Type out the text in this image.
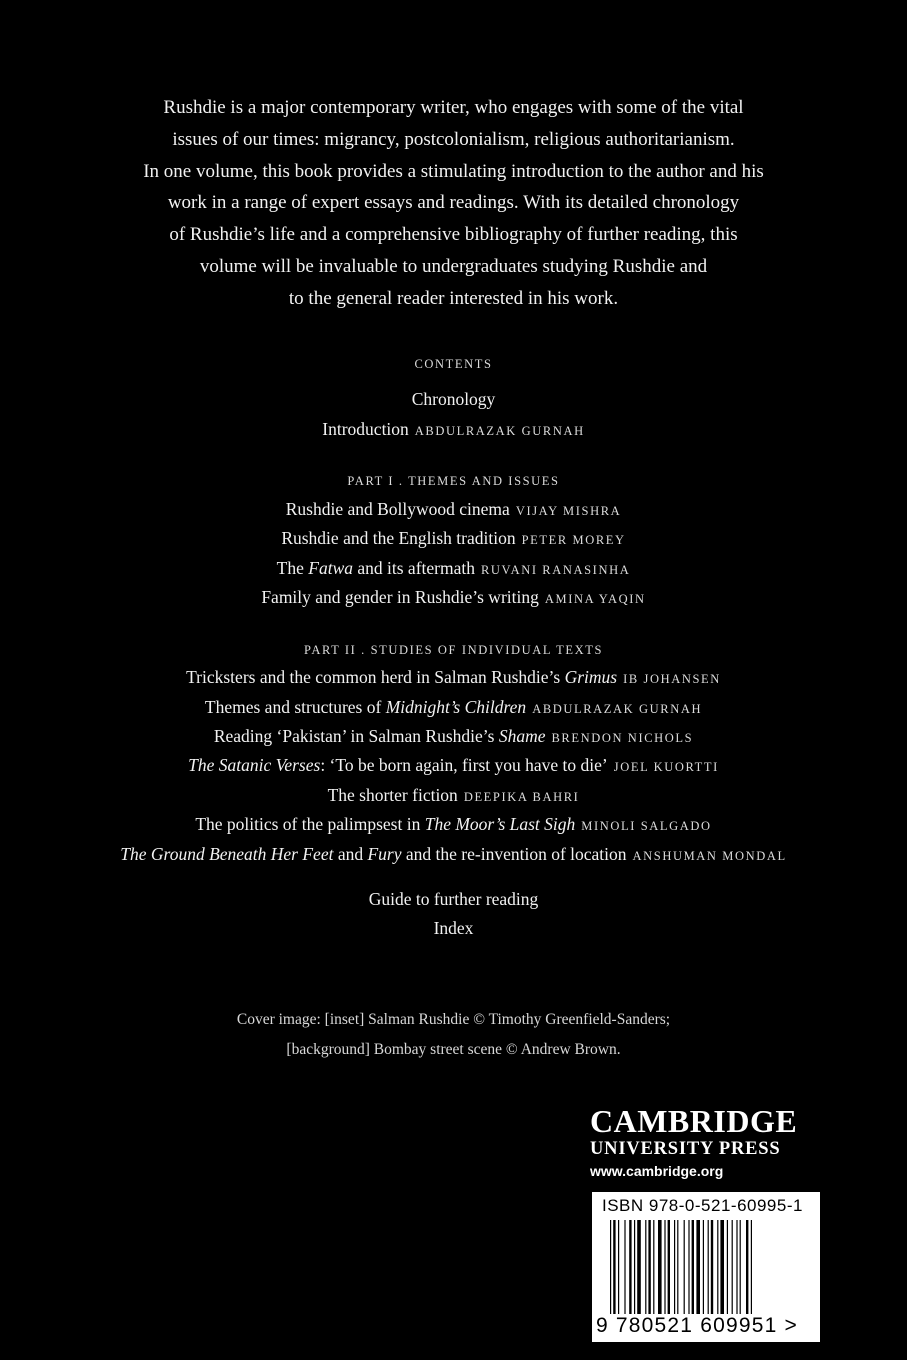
Rushdie is a major contemporary writer, who engages with some of the vital
issues of our times: migrancy, postcolonialism, religious authoritarianism.
In one volume, this book provides a stimulating introduction to the author and his
work in a range of expert essays and readings. With its detailed chronology
of Rushdie’s life and a comprehensive bibliography of further reading, this
volume will be invaluable to undergraduates studying Rushdie and
to the general reader interested in his work.
CONTENTS
Chronology
Introduction ABDULRAZAK GURNAH
PART I . THEMES AND ISSUES
Rushdie and Bollywood cinema VIJAY MISHRA
Rushdie and the English tradition PETER MOREY
The Fatwa and its aftermath RUVANI RANASINHA
Family and gender in Rushdie’s writing AMINA YAQIN
PART II . STUDIES OF INDIVIDUAL TEXTS
Tricksters and the common herd in Salman Rushdie’s Grimus IB JOHANSEN
Themes and structures of Midnight’s Children ABDULRAZAK GURNAH
Reading ‘Pakistan’ in Salman Rushdie’s Shame BRENDON NICHOLS
The Satanic Verses: ‘To be born again, first you have to die’ JOEL KUORTTI
The shorter fiction DEEPIKA BAHRI
The politics of the palimpsest in The Moor’s Last Sigh MINOLI SALGADO
The Ground Beneath Her Feet and Fury and the re-invention of location ANSHUMAN MONDAL
Guide to further reading
Index
Cover image: [inset] Salman Rushdie © Timothy Greenfield-Sanders;
[background] Bombay street scene © Andrew Brown.
CAMBRIDGE
UNIVERSITY PRESS
www.cambridge.org
ISBN 978-0-521-60995-1
9 780521 609951 >
